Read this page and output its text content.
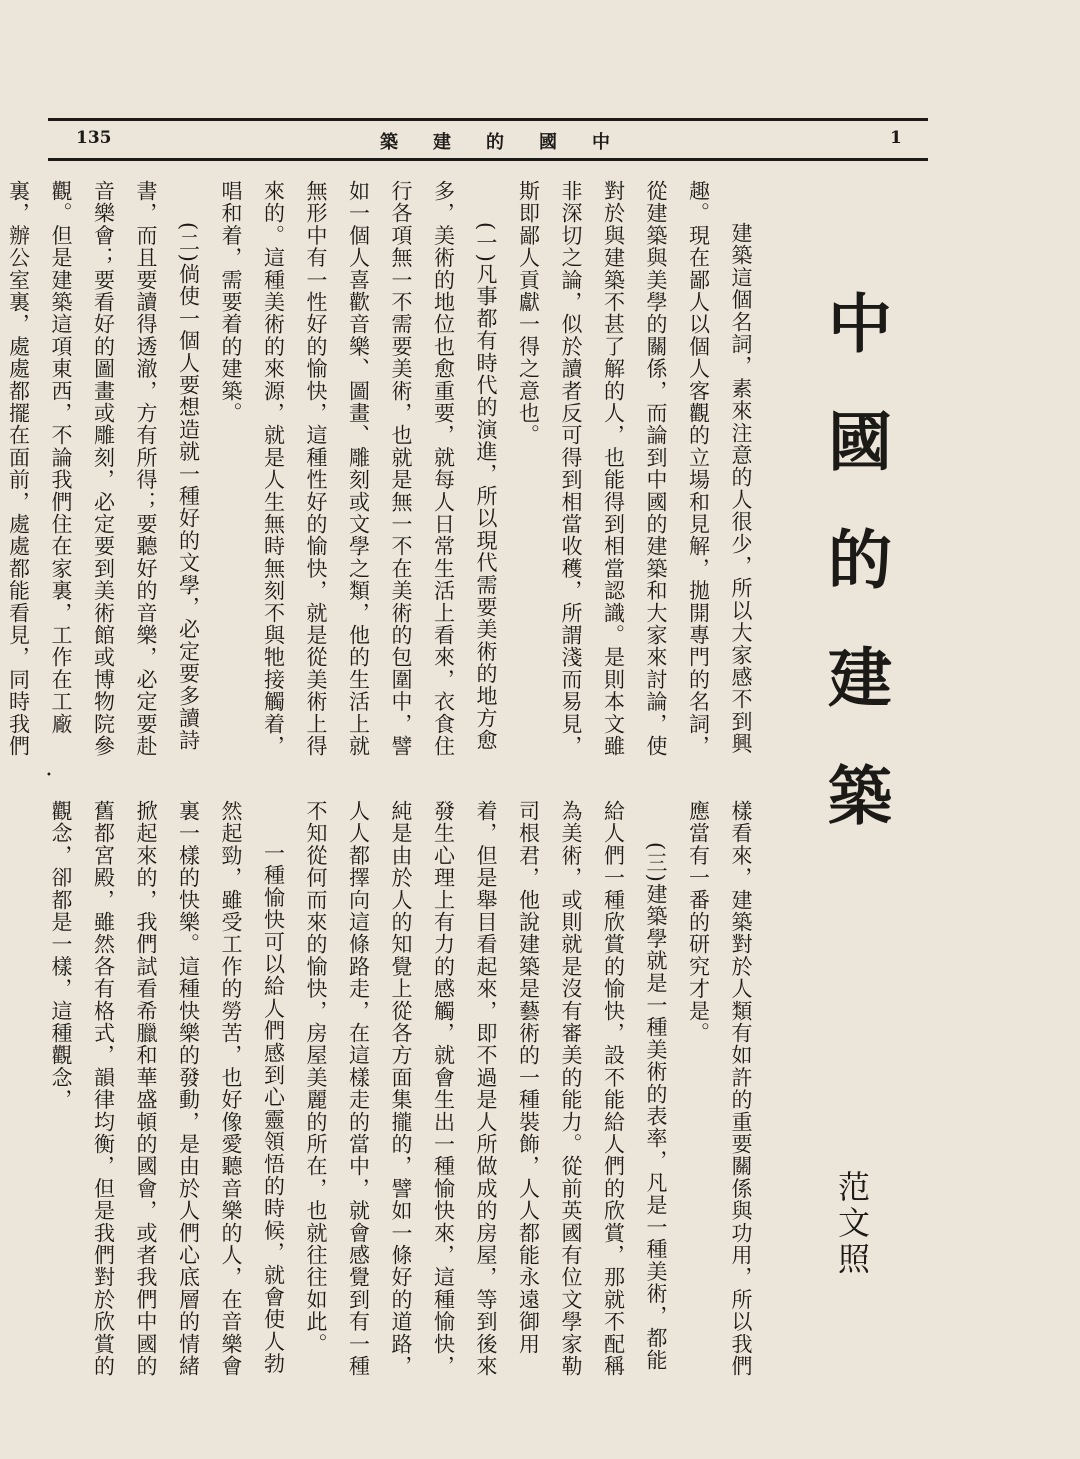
135	1
中
國
的
建
築
中國的建築
范文照

建築這個名詞，素來注意的人很少，所以大家感不到興趣。現在鄙人以個人客觀的立場和見解，拋開專門的名詞，從建築與美學的關係，而論到中國的建築和大家來討論，使對於與建築不甚了解的人，也能得到相當認識。是則本文雖非深切之論，似於讀者反可得到相當收穫，所謂淺而易見，斯即鄙人貢獻一得之意也。

(一)凡事都有時代的演進，所以現代需要美術的地方愈多，美術的地位也愈重要，就每人日常生活上看來，衣食住行各項無一不需要美術，也就是無一不在美術的包圍中，譬如一個人喜歡音樂、圖畫、雕刻或文學之類，他的生活上就無形中有一性好的愉快，這種性好的愉快，就是從美術上得來的。這種美術的來源，就是人生無時無刻不與牠接觸着，唱和着，需要着的建築。

(二)倘使一個人要想造就一種好的文學，必定要多讀詩書，而且要讀得透澈，方有所得；要聽好的音樂，必定要赴音樂會；要看好的圖畫或雕刻，必定要到美術館或博物院參觀。但是建築這項東西，不論我們住在家裏，工作在工廠裏，辦公室裏，處處都擺在面前，處處都能看見，同時我們

•

樣看來，建築對於人類有如許的重要關係與功用，所以我們應當有一番的研究才是。

(三)建築學就是一種美術的表率，凡是一種美術，都能給人們一種欣賞的愉快，設不能給人們的欣賞，那就不配稱為美術，或則就是沒有審美的能力。從前英國有位文學家勒司根君，他說建築是藝術的一種裝飾，人人都能永遠御用着，但是舉目看起來，即不過是人所做成的房屋，等到後來發生心理上有力的感觸，就會生出一種愉快來，這種愉快，純是由於人的知覺上從各方面集攏的，譬如一條好的道路，人人都擇向這條路走，在這樣走的當中，就會感覺到有一種不知從何而來的愉快，房屋美麗的所在，也就往往如此。

一種愉快可以給人們感到心靈領悟的時候，就會使人勃然起勁，雖受工作的勞苦，也好像愛聽音樂的人，在音樂會裏一樣的快樂。這種快樂的發動，是由於人們心底層的情緒掀起來的，我們試看希臘和華盛頓的國會，或者我們中國的舊都宮殿，雖然各有格式，韻律均衡，但是我們對於欣賞的觀念，卻都是一樣，這種觀念，
